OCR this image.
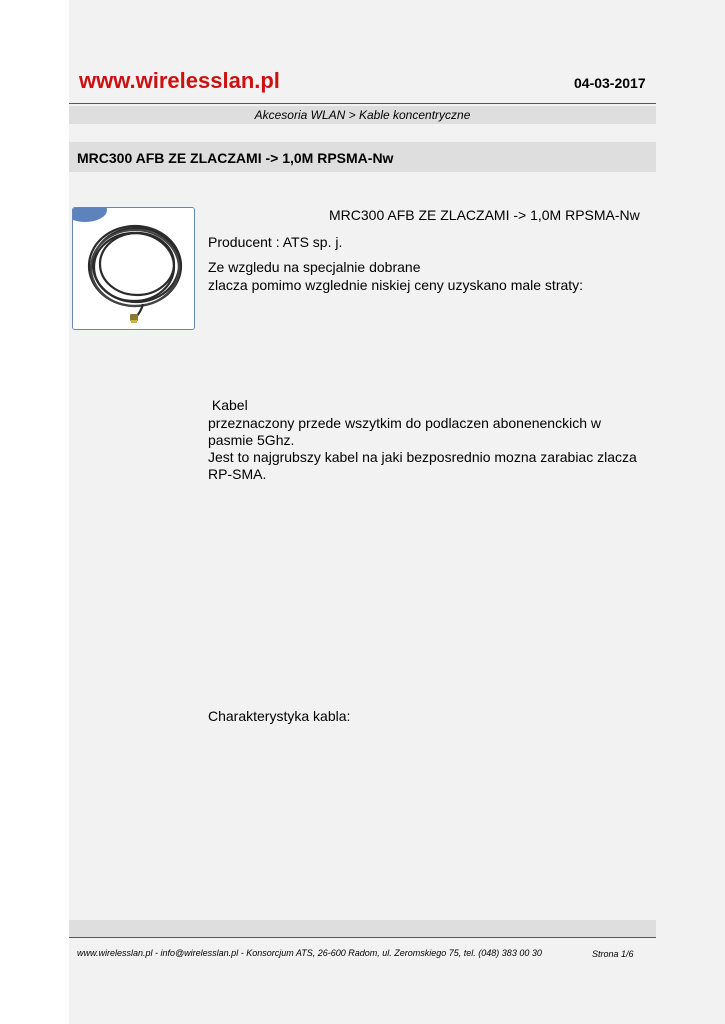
www.wirelesslan.pl	04-03-2017
Akcesoria WLAN > Kable koncentryczne
MRC300 AFB ZE ZLACZAMI -> 1,0M RPSMA-Nw
MRC300 AFB ZE ZLACZAMI -> 1,0M RPSMA-Nw
Producent : ATS sp. j.
Ze wzgledu na specjalnie dobrane
zlacza pomimo wzglednie niskiej ceny uzyskano male straty:
Kabel
przeznaczony przede wszytkim do podlaczen abonenenckich w
pasmie 5Ghz.
Jest to najgrubszy kabel na jaki bezposrednio mozna zarabiac zlacza
RP-SMA.
Charakterystyka kabla:
www.wirelesslan.pl - info@wirelesslan.pl - Konsorcjum ATS, 26-600 Radom, ul. Zeromskiego 75, tel. (048) 383 00 30	Strona 1/6
